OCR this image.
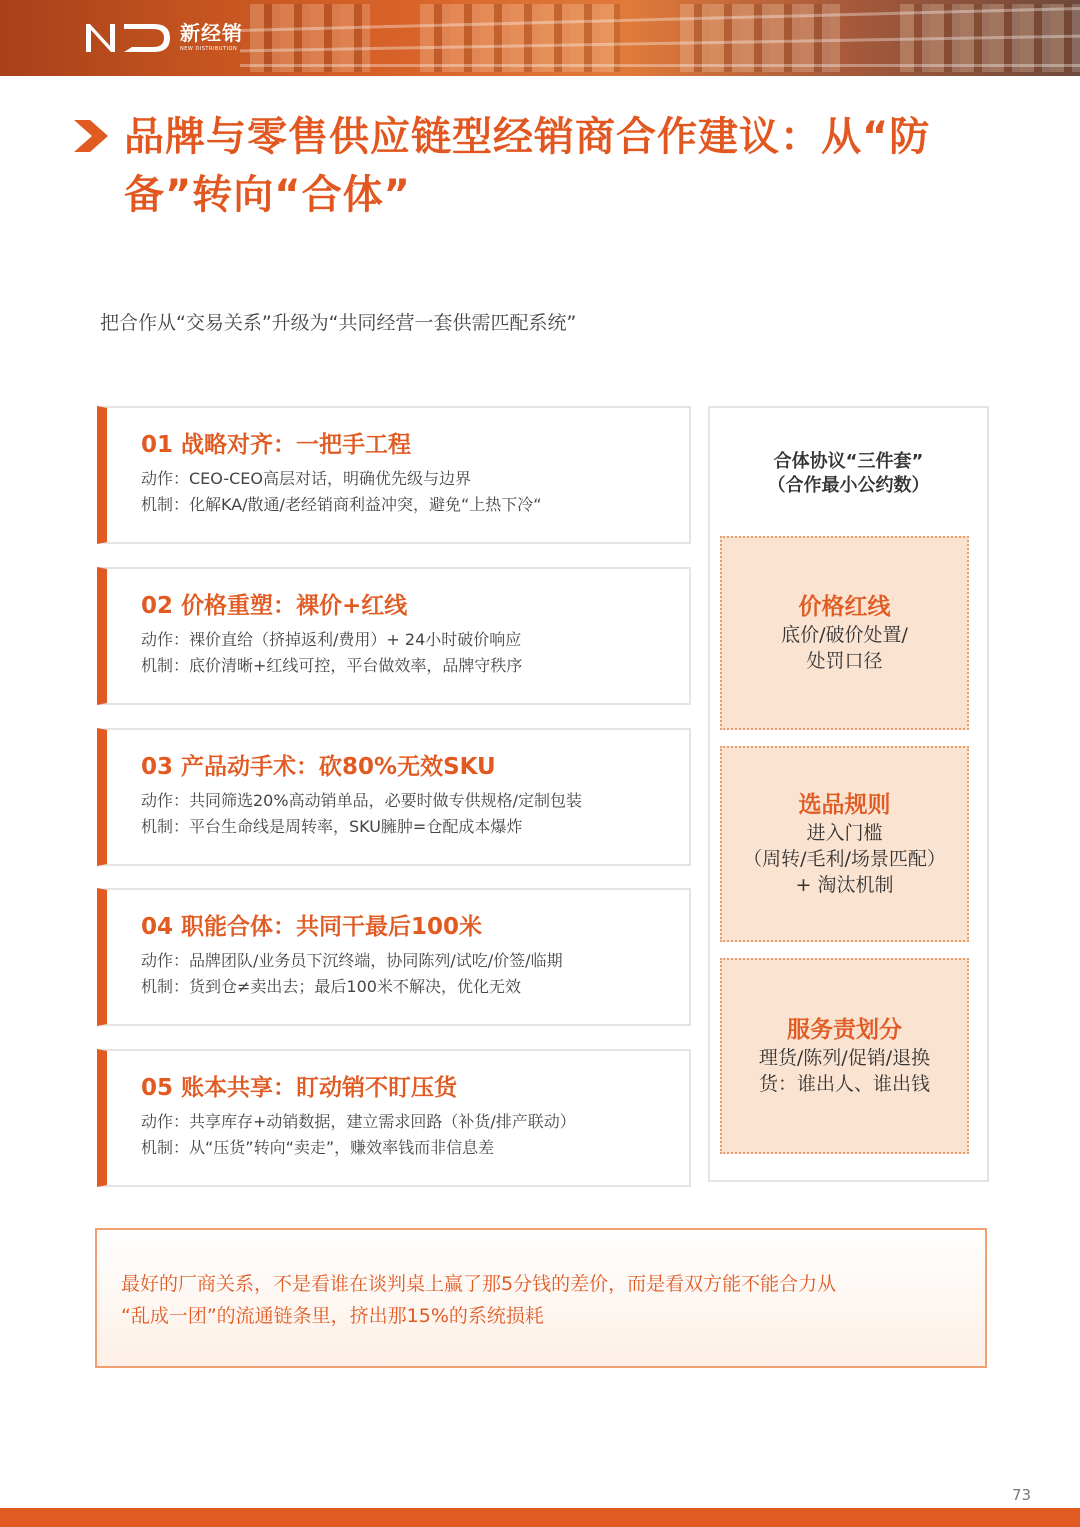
新经销
NEW DISTRIBUTION
品牌与零售供应链型经销商合作建议：从“防备”转向“合体”
把合作从“交易关系”升级为“共同经营一套供需匹配系统”
01 战略对齐：一把手工程
动作：CEO-CEO高层对话，明确优先级与边界
机制：化解KA/散通/老经销商利益冲突，避免“上热下冷“
02 价格重塑：裸价+红线
动作：裸价直给（挤掉返利/费用）+ 24小时破价响应
机制：底价清晰+红线可控，平台做效率，品牌守秩序
03 产品动手术：砍80%无效SKU
动作：共同筛选20%高动销单品，必要时做专供规格/定制包装
机制：平台生命线是周转率，SKU臃肿=仓配成本爆炸
04 职能合体：共同干最后100米
动作：品牌团队/业务员下沉终端，协同陈列/试吃/价签/临期
机制：货到仓≠卖出去；最后100米不解决，优化无效
05 账本共享：盯动销不盯压货
动作：共享库存+动销数据，建立需求回路（补货/排产联动）
机制：从“压货”转向“卖走”，赚效率钱而非信息差
合体协议“三件套”
（合作最小公约数）
价格红线
底价/破价处置/
处罚口径
选品规则
进入门槛
（周转/毛利/场景匹配）
+ 淘汰机制
服务责划分
理货/陈列/促销/退换
货：谁出人、谁出钱
最好的厂商关系，不是看谁在谈判桌上赢了那5分钱的差价，而是看双方能不能合力从
“乱成一团”的流通链条里，挤出那15%的系统损耗
73
